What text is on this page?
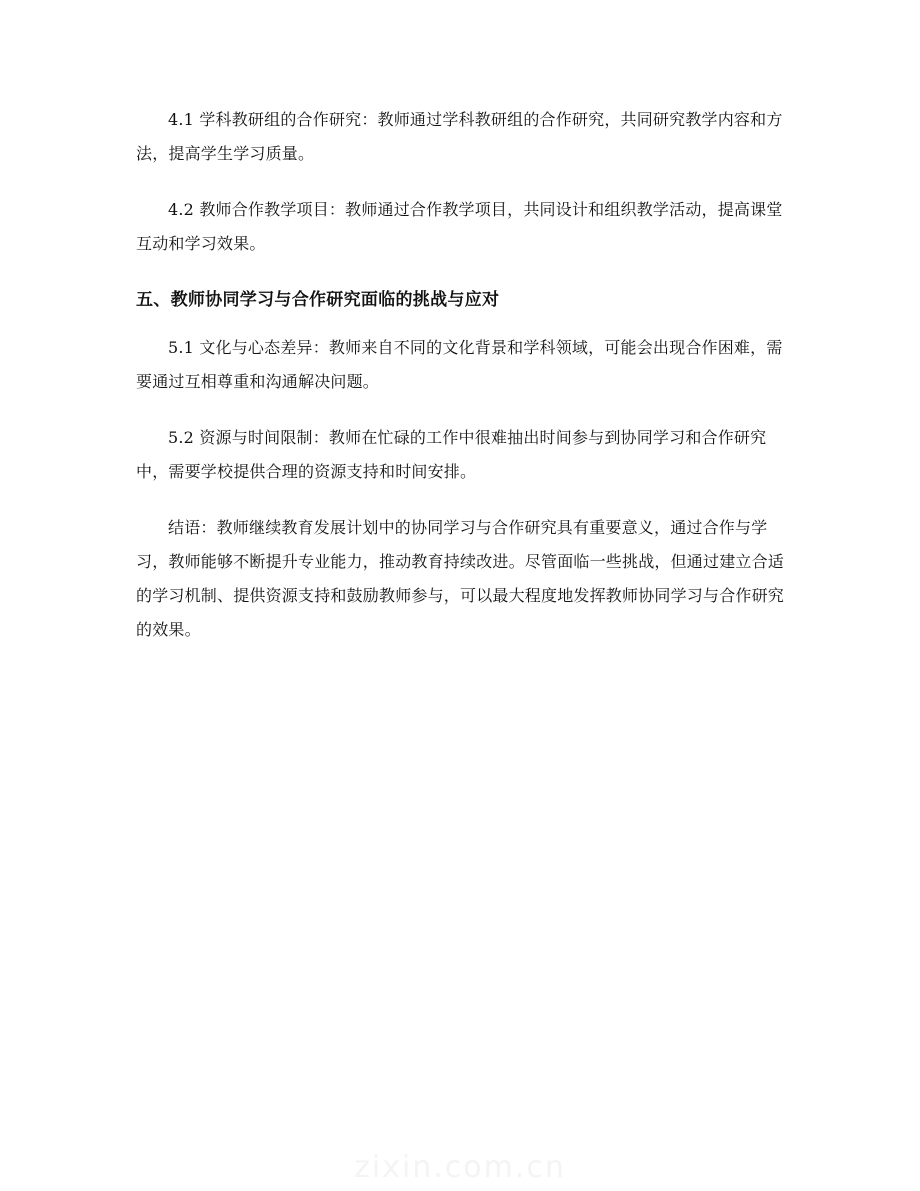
4.1 学科教研组的合作研究：教师通过学科教研组的合作研究，共同研究教学内容和方法，提高学生学习质量。

4.2 教师合作教学项目：教师通过合作教学项目，共同设计和组织教学活动，提高课堂互动和学习效果。

五、教师协同学习与合作研究面临的挑战与应对

5.1 文化与心态差异：教师来自不同的文化背景和学科领域，可能会出现合作困难，需要通过互相尊重和沟通解决问题。

5.2 资源与时间限制：教师在忙碌的工作中很难抽出时间参与到协同学习和合作研究中，需要学校提供合理的资源支持和时间安排。

结语：教师继续教育发展计划中的协同学习与合作研究具有重要意义，通过合作与学习，教师能够不断提升专业能力，推动教育持续改进。尽管面临一些挑战，但通过建立合适的学习机制、提供资源支持和鼓励教师参与，可以最大程度地发挥教师协同学习与合作研究的效果。

zixin.com.cn
